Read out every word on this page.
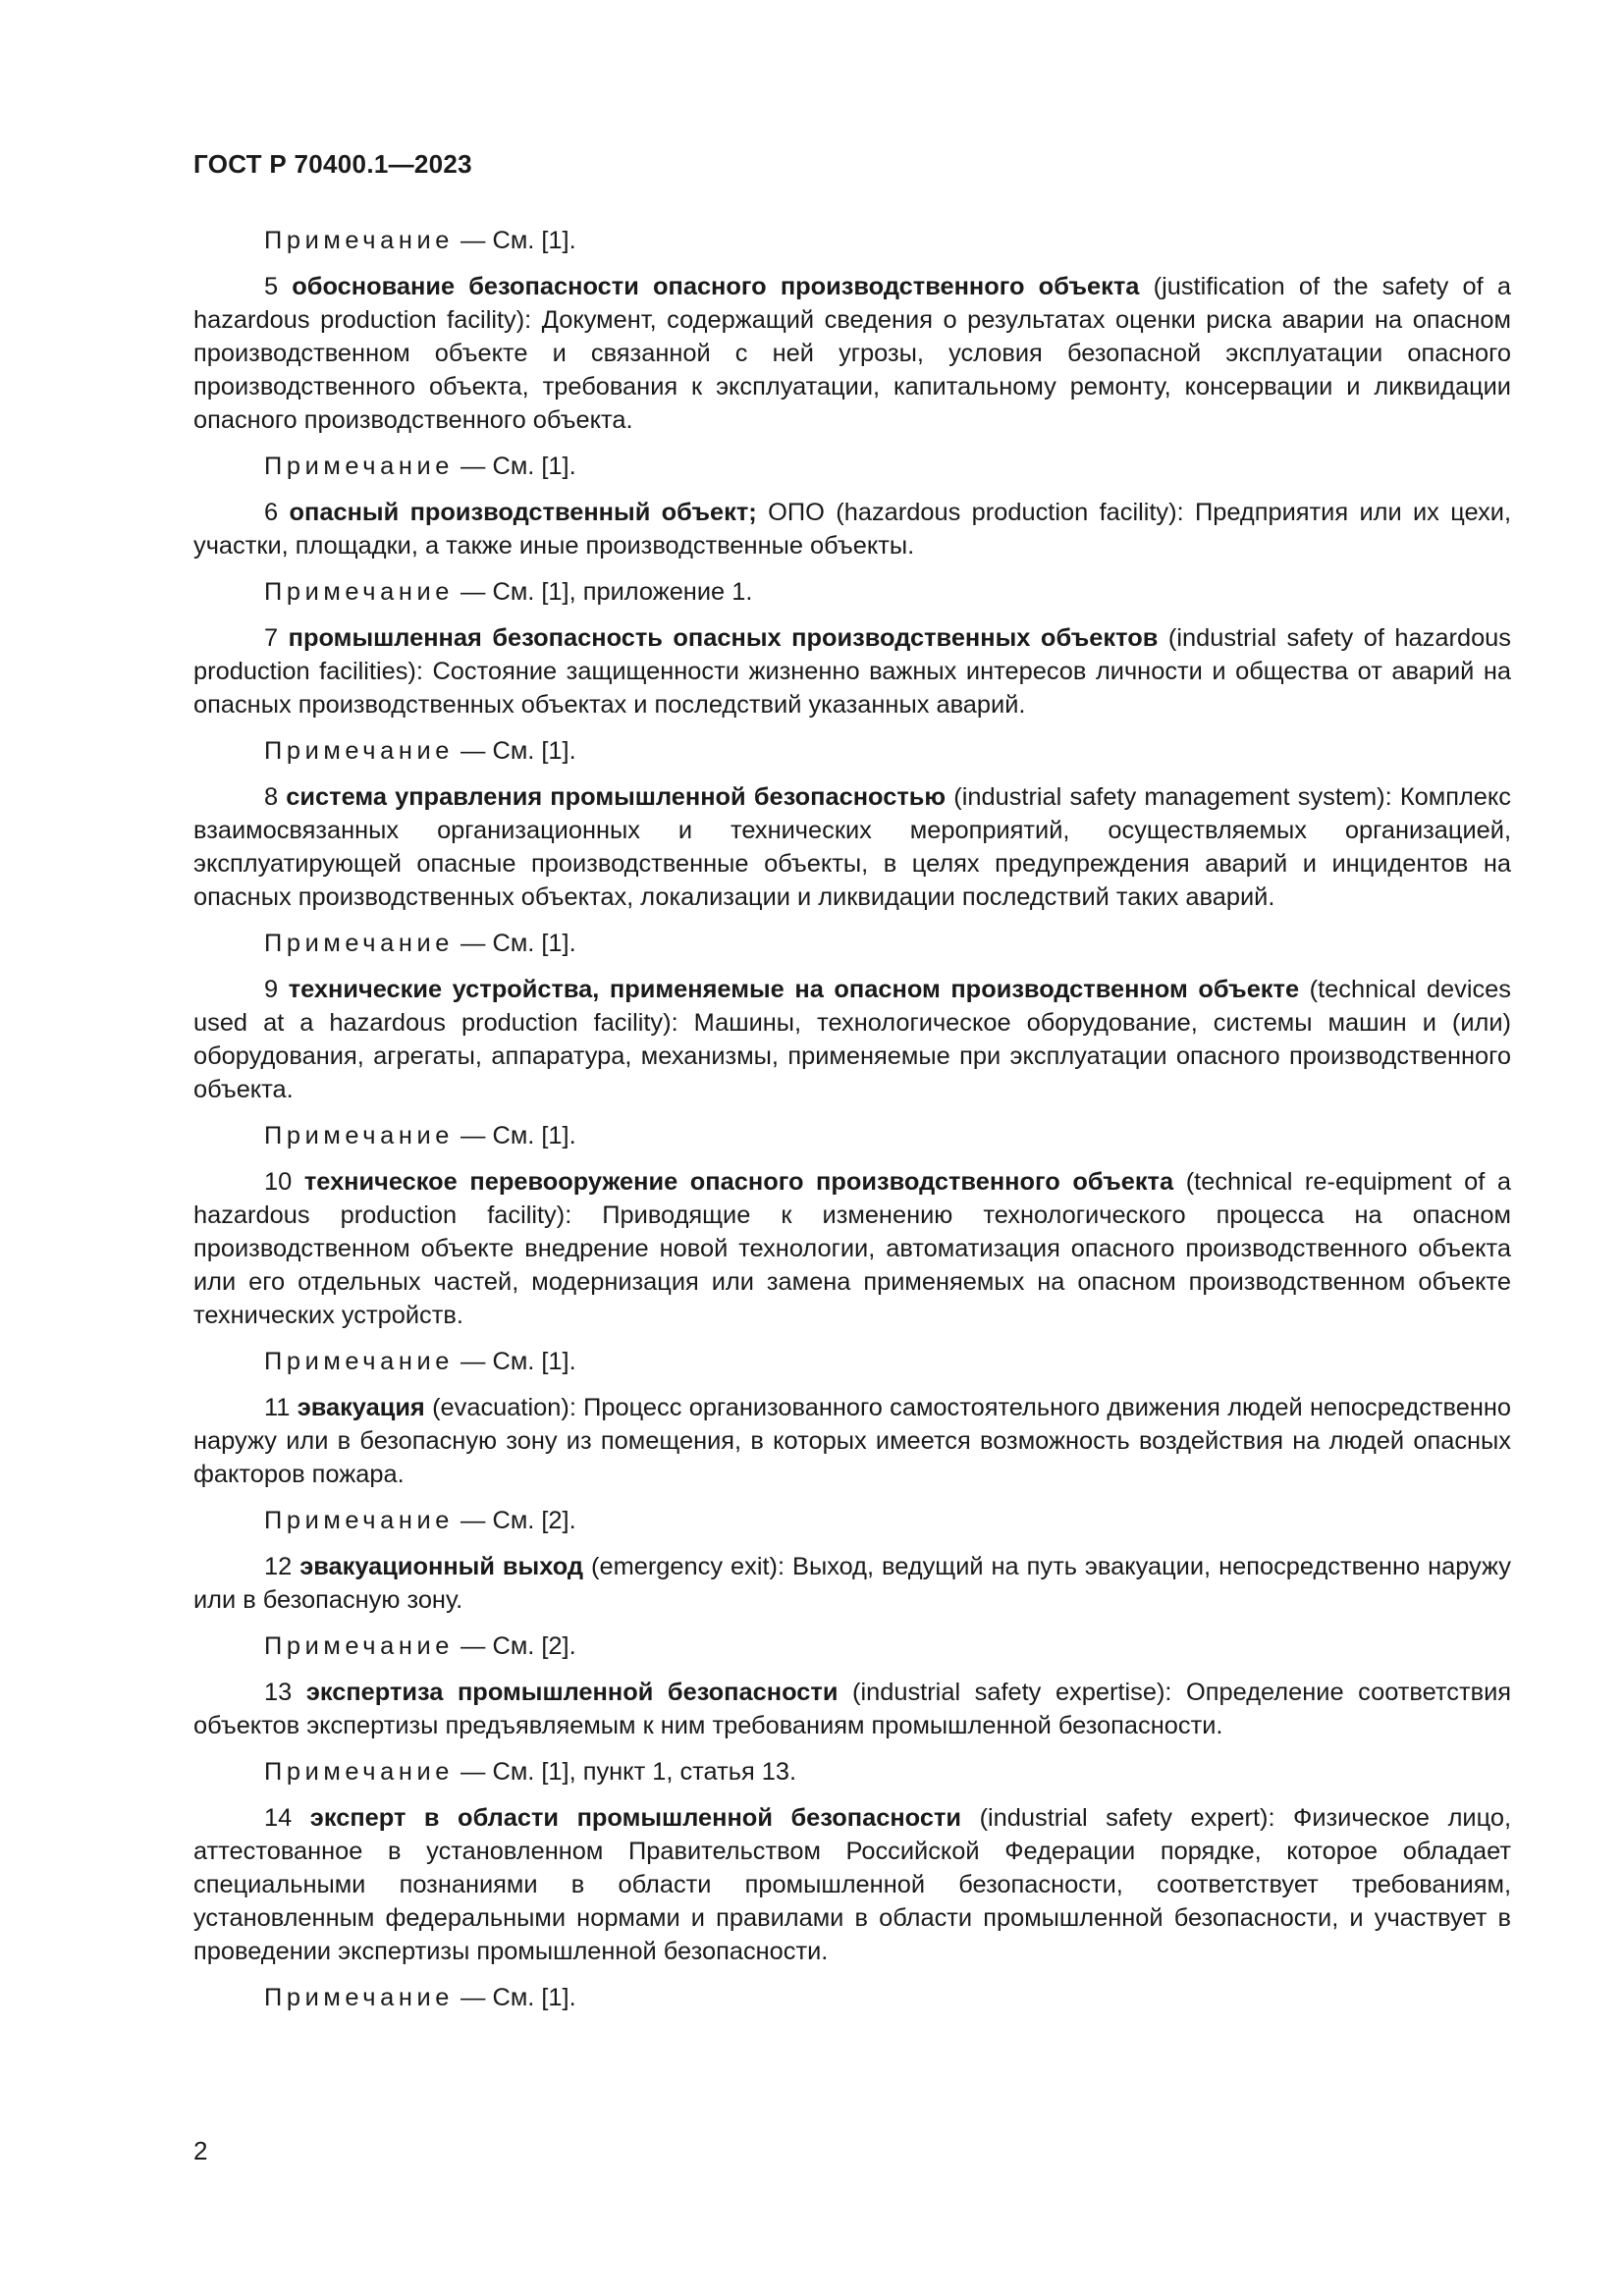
ГОСТ Р 70400.1—2023

Примечание — См. [1].

5 обоснование безопасности опасного производственного объекта (justification of the safety of a hazardous production facility): Документ, содержащий сведения о результатах оценки риска аварии на опасном производственном объекте и связанной с ней угрозы, условия безопасной эксплуатации опасного производственного объекта, требования к эксплуатации, капитальному ремонту, консервации и ликвидации опасного производственного объекта.

Примечание — См. [1].

6 опасный производственный объект; ОПО (hazardous production facility): Предприятия или их цехи, участки, площадки, а также иные производственные объекты.

Примечание — См. [1], приложение 1.

7 промышленная безопасность опасных производственных объектов (industrial safety of hazardous production facilities): Состояние защищенности жизненно важных интересов личности и общества от аварий на опасных производственных объектах и последствий указанных аварий.

Примечание — См. [1].

8 система управления промышленной безопасностью (industrial safety management system): Комплекс взаимосвязанных организационных и технических мероприятий, осуществляемых организацией, эксплуатирующей опасные производственные объекты, в целях предупреждения аварий и инцидентов на опасных производственных объектах, локализации и ликвидации последствий таких аварий.

Примечание — См. [1].

9 технические устройства, применяемые на опасном производственном объекте (technical devices used at a hazardous production facility): Машины, технологическое оборудование, системы машин и (или) оборудования, агрегаты, аппаратура, механизмы, применяемые при эксплуатации опасного производственного объекта.

Примечание — См. [1].

10 техническое перевооружение опасного производственного объекта (technical re-equipment of a hazardous production facility): Приводящие к изменению технологического процесса на опасном производственном объекте внедрение новой технологии, автоматизация опасного производственного объекта или его отдельных частей, модернизация или замена применяемых на опасном производственном объекте технических устройств.

Примечание — См. [1].

11 эвакуация (evacuation): Процесс организованного самостоятельного движения людей непосредственно наружу или в безопасную зону из помещения, в которых имеется возможность воздействия на людей опасных факторов пожара.

Примечание — См. [2].

12 эвакуационный выход (emergency exit): Выход, ведущий на путь эвакуации, непосредственно наружу или в безопасную зону.

Примечание — См. [2].

13 экспертиза промышленной безопасности (industrial safety expertise): Определение соответствия объектов экспертизы предъявляемым к ним требованиям промышленной безопасности.

Примечание — См. [1], пункт 1, статья 13.

14 эксперт в области промышленной безопасности (industrial safety expert): Физическое лицо, аттестованное в установленном Правительством Российской Федерации порядке, которое обладает специальными познаниями в области промышленной безопасности, соответствует требованиям, установленным федеральными нормами и правилами в области промышленной безопасности, и участвует в проведении экспертизы промышленной безопасности.

Примечание — См. [1].

2
